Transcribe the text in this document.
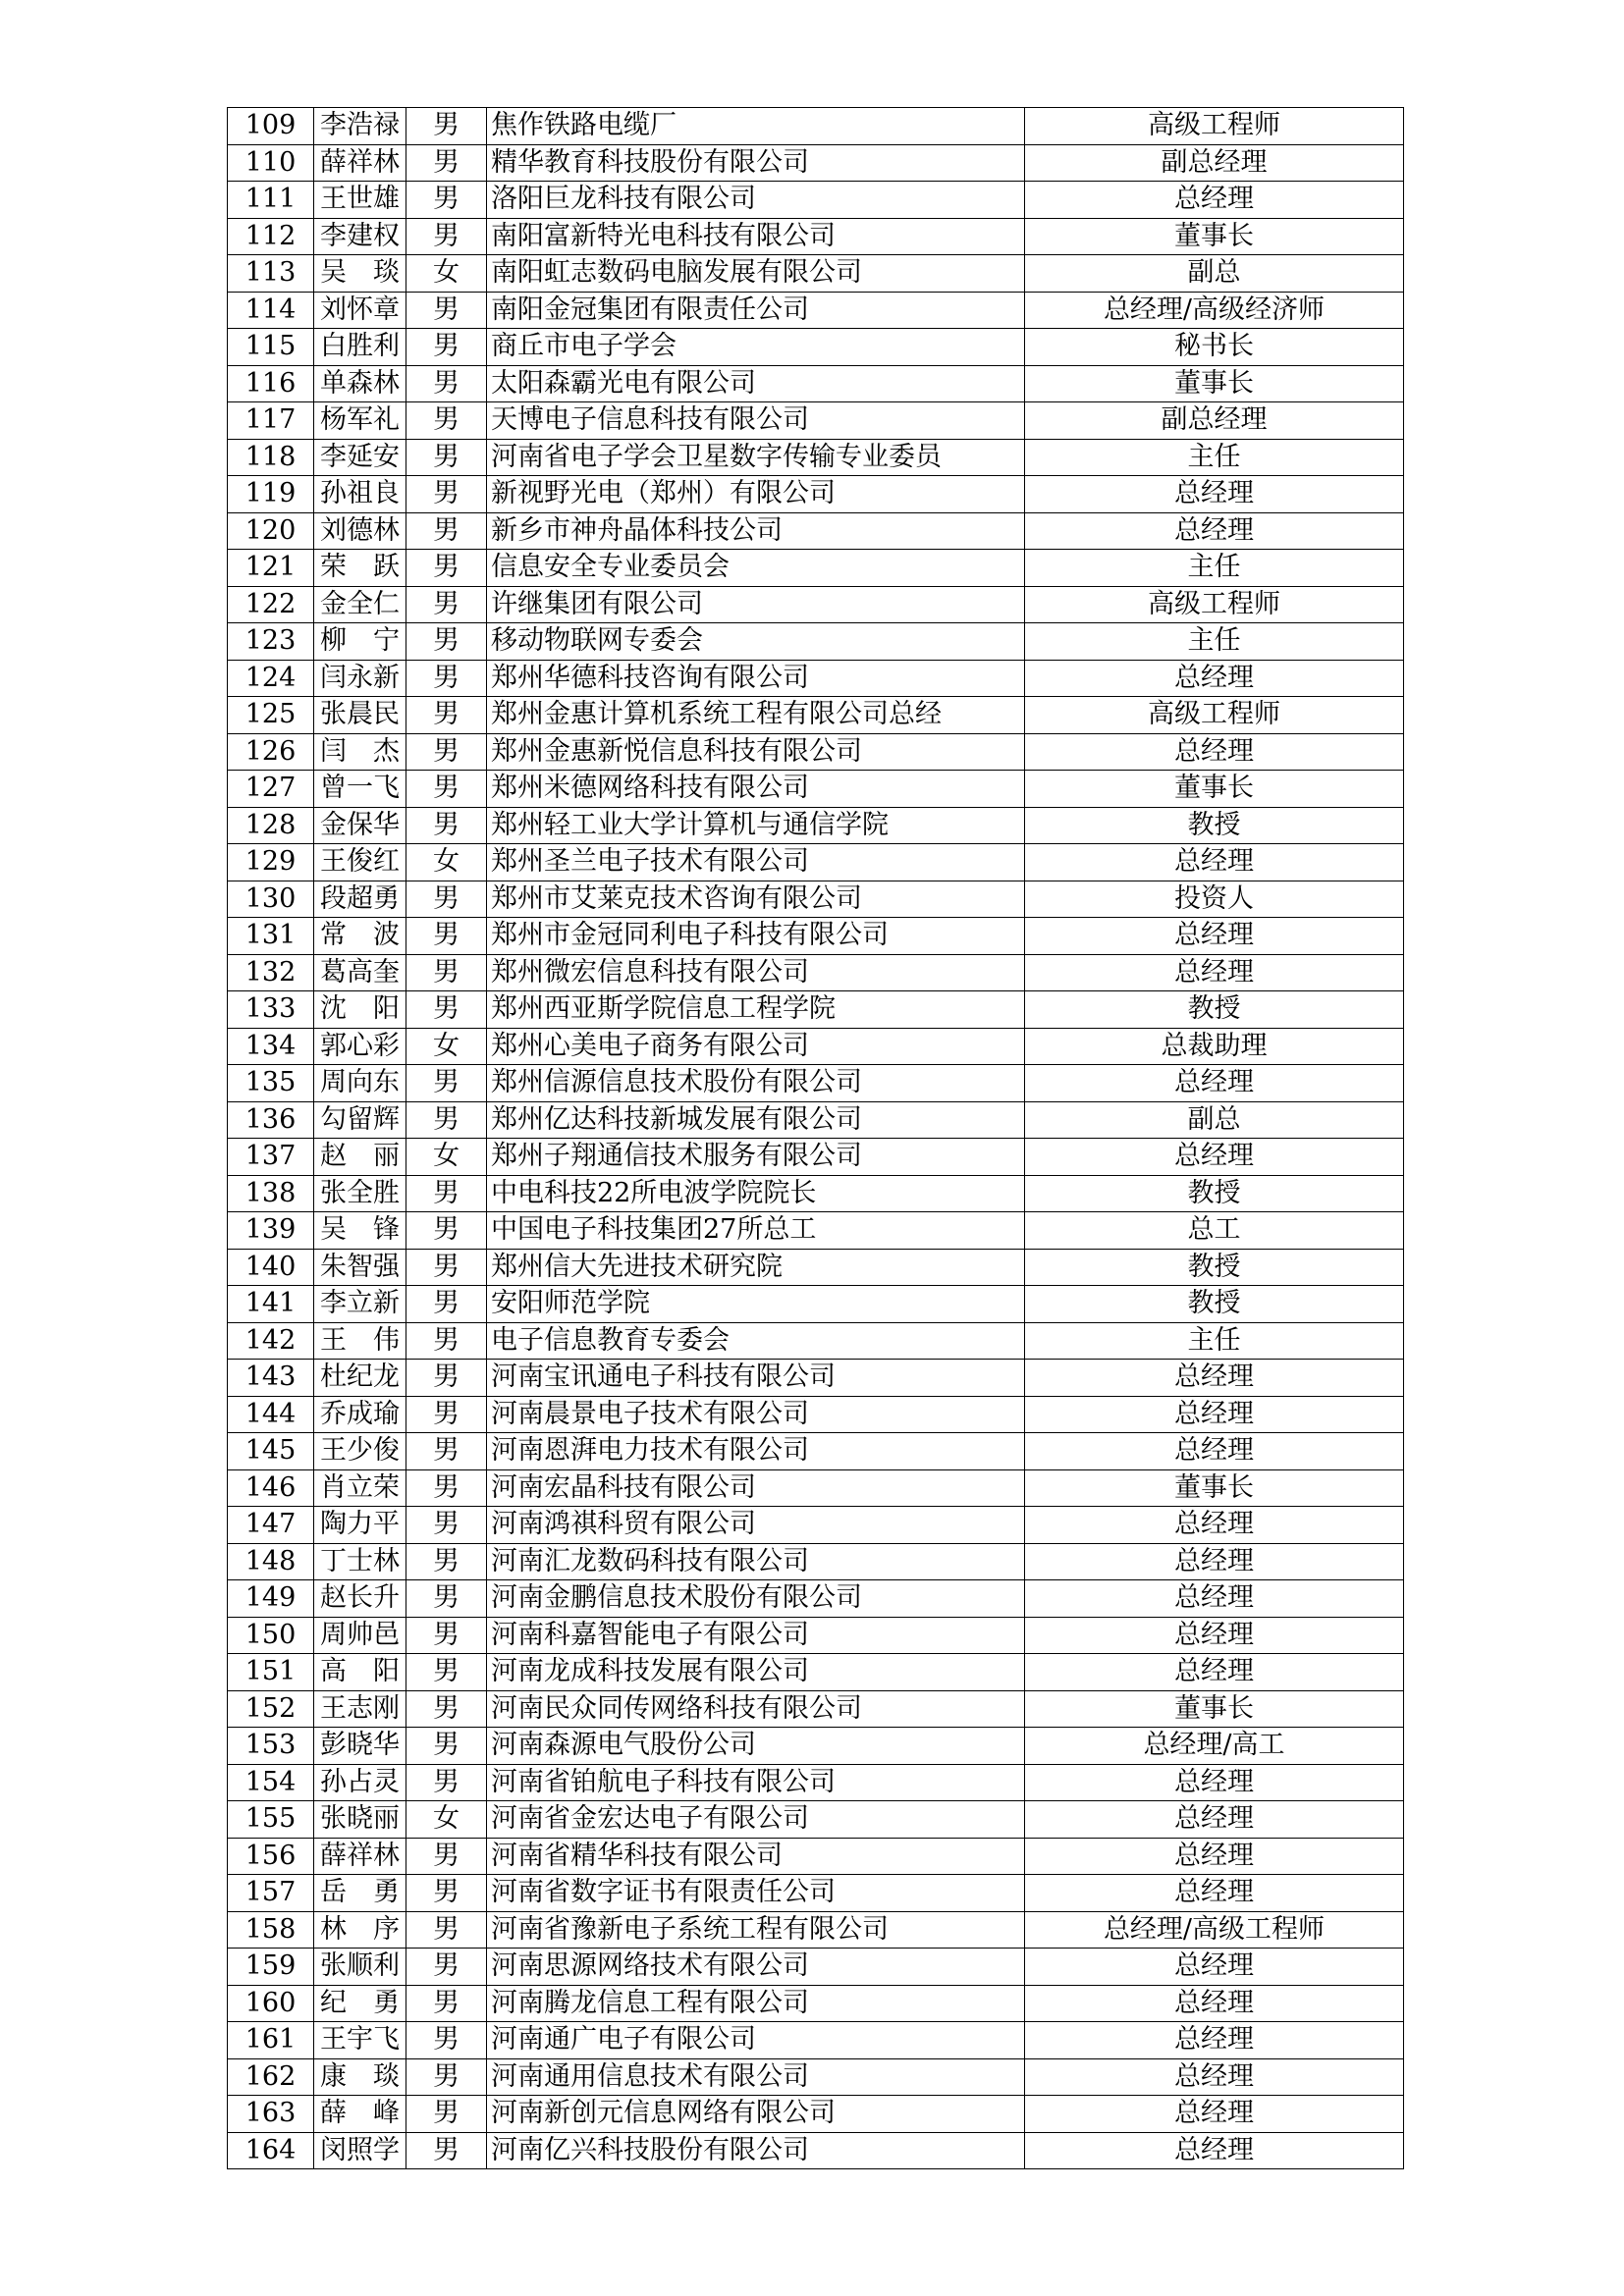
109	李浩禄	男	焦作铁路电缆厂	高级工程师
110	薛祥林	男	精华教育科技股份有限公司	副总经理
111	王世雄	男	洛阳巨龙科技有限公司	总经理
112	李建权	男	南阳富新特光电科技有限公司	董事长
113	吴　琰	女	南阳虹志数码电脑发展有限公司	副总
114	刘怀章	男	南阳金冠集团有限责任公司	总经理/高级经济师
115	白胜利	男	商丘市电子学会	秘书长
116	单森林	男	太阳森霸光电有限公司	董事长
117	杨军礼	男	天博电子信息科技有限公司	副总经理
118	李延安	男	河南省电子学会卫星数字传输专业委员	主任
119	孙祖良	男	新视野光电（郑州）有限公司	总经理
120	刘德林	男	新乡市神舟晶体科技公司	总经理
121	荣　跃	男	信息安全专业委员会	主任
122	金全仁	男	许继集团有限公司	高级工程师
123	柳　宁	男	移动物联网专委会	主任
124	闫永新	男	郑州华德科技咨询有限公司	总经理
125	张晨民	男	郑州金惠计算机系统工程有限公司总经	高级工程师
126	闫　杰	男	郑州金惠新悦信息科技有限公司	总经理
127	曾一飞	男	郑州米德网络科技有限公司	董事长
128	金保华	男	郑州轻工业大学计算机与通信学院	教授
129	王俊红	女	郑州圣兰电子技术有限公司	总经理
130	段超勇	男	郑州市艾莱克技术咨询有限公司	投资人
131	常　波	男	郑州市金冠同利电子科技有限公司	总经理
132	葛高奎	男	郑州微宏信息科技有限公司	总经理
133	沈　阳	男	郑州西亚斯学院信息工程学院	教授
134	郭心彩	女	郑州心美电子商务有限公司	总裁助理
135	周向东	男	郑州信源信息技术股份有限公司	总经理
136	勾留辉	男	郑州亿达科技新城发展有限公司	副总
137	赵　丽	女	郑州子翔通信技术服务有限公司	总经理
138	张全胜	男	中电科技22所电波学院院长	教授
139	吴　锋	男	中国电子科技集团27所总工	总工
140	朱智强	男	郑州信大先进技术研究院	教授
141	李立新	男	安阳师范学院	教授
142	王　伟	男	电子信息教育专委会	主任
143	杜纪龙	男	河南宝讯通电子科技有限公司	总经理
144	乔成瑜	男	河南晨景电子技术有限公司	总经理
145	王少俊	男	河南恩湃电力技术有限公司	总经理
146	肖立荣	男	河南宏晶科技有限公司	董事长
147	陶力平	男	河南鸿祺科贸有限公司	总经理
148	丁士林	男	河南汇龙数码科技有限公司	总经理
149	赵长升	男	河南金鹏信息技术股份有限公司	总经理
150	周帅邑	男	河南科嘉智能电子有限公司	总经理
151	高　阳	男	河南龙成科技发展有限公司	总经理
152	王志刚	男	河南民众同传网络科技有限公司	董事长
153	彭晓华	男	河南森源电气股份公司	总经理/高工
154	孙占灵	男	河南省铂航电子科技有限公司	总经理
155	张晓丽	女	河南省金宏达电子有限公司	总经理
156	薛祥林	男	河南省精华科技有限公司	总经理
157	岳　勇	男	河南省数字证书有限责任公司	总经理
158	林　序	男	河南省豫新电子系统工程有限公司	总经理/高级工程师
159	张顺利	男	河南思源网络技术有限公司	总经理
160	纪　勇	男	河南腾龙信息工程有限公司	总经理
161	王宇飞	男	河南通广电子有限公司	总经理
162	康　琰	男	河南通用信息技术有限公司	总经理
163	薛　峰	男	河南新创元信息网络有限公司	总经理
164	闵照学	男	河南亿兴科技股份有限公司	总经理
